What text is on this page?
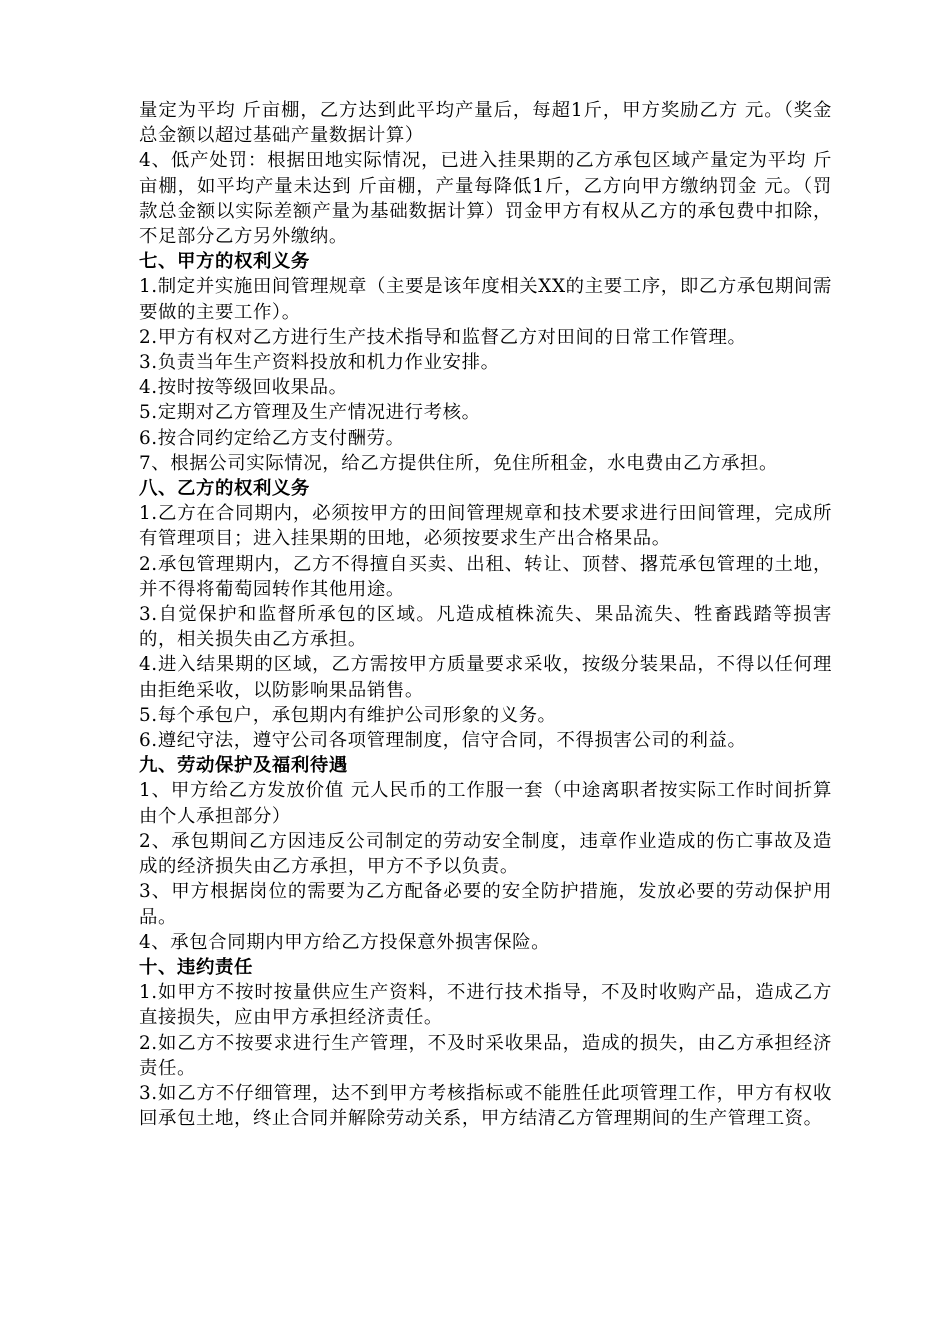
量定为平均 斤亩棚，乙方达到此平均产量后，每超1斤，甲方奖励乙方 元。（奖金总金额以超过基础产量数据计算）

4、低产处罚：根据田地实际情况，已进入挂果期的乙方承包区域产量定为平均 斤亩棚，如平均产量未达到 斤亩棚，产量每降低1斤，乙方向甲方缴纳罚金 元。（罚款总金额以实际差额产量为基础数据计算）罚金甲方有权从乙方的承包费中扣除，不足部分乙方另外缴纳。

七、甲方的权利义务

1.制定并实施田间管理规章（主要是该年度相关XX的主要工序，即乙方承包期间需要做的主要工作）。

2.甲方有权对乙方进行生产技术指导和监督乙方对田间的日常工作管理。

3.负责当年生产资料投放和机力作业安排。

4.按时按等级回收果品。

5.定期对乙方管理及生产情况进行考核。

6.按合同约定给乙方支付酬劳。

7、根据公司实际情况，给乙方提供住所，免住所租金，水电费由乙方承担。

八、乙方的权利义务

1.乙方在合同期内，必须按甲方的田间管理规章和技术要求进行田间管理，完成所有管理项目；进入挂果期的田地，必须按要求生产出合格果品。

2.承包管理期内，乙方不得擅自买卖、出租、转让、顶替、撂荒承包管理的土地，并不得将葡萄园转作其他用途。

3.自觉保护和监督所承包的区域。凡造成植株流失、果品流失、牲畜践踏等损害的，相关损失由乙方承担。

4.进入结果期的区域，乙方需按甲方质量要求采收，按级分装果品，不得以任何理由拒绝采收，以防影响果品销售。

5.每个承包户，承包期内有维护公司形象的义务。

6.遵纪守法，遵守公司各项管理制度，信守合同，不得损害公司的利益。

九、劳动保护及福利待遇

1、甲方给乙方发放价值 元人民币的工作服一套（中途离职者按实际工作时间折算由个人承担部分）

2、承包期间乙方因违反公司制定的劳动安全制度，违章作业造成的伤亡事故及造成的经济损失由乙方承担，甲方不予以负责。

3、甲方根据岗位的需要为乙方配备必要的安全防护措施，发放必要的劳动保护用品。

4、承包合同期内甲方给乙方投保意外损害保险。

十、违约责任

1.如甲方不按时按量供应生产资料，不进行技术指导，不及时收购产品，造成乙方直接损失，应由甲方承担经济责任。

2.如乙方不按要求进行生产管理，不及时采收果品，造成的损失，由乙方承担经济责任。

3.如乙方不仔细管理，达不到甲方考核指标或不能胜任此项管理工作，甲方有权收回承包土地，终止合同并解除劳动关系，甲方结清乙方管理期间的生产管理工资。
